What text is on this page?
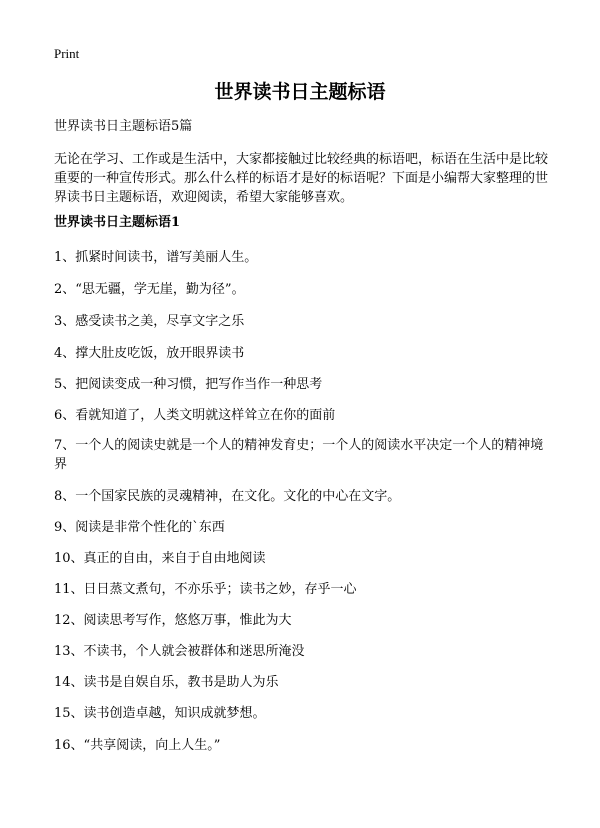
Print
世界读书日主题标语
世界读书日主题标语5篇

无论在学习、工作或是生活中，大家都接触过比较经典的标语吧，标语在生活中是比较重要的一种宣传形式。那么什么样的标语才是好的标语呢？下面是小编帮大家整理的世界读书日主题标语，欢迎阅读，希望大家能够喜欢。

世界读书日主题标语1

1、抓紧时间读书，谱写美丽人生。

2、“思无疆，学无崖，勤为径”。

3、感受读书之美，尽享文字之乐

4、撑大肚皮吃饭，放开眼界读书

5、把阅读变成一种习惯，把写作当作一种思考

6、看就知道了，人类文明就这样耸立在你的面前

7、一个人的阅读史就是一个人的精神发育史；一个人的阅读水平决定一个人的精神境界

8、一个国家民族的灵魂精神，在文化。文化的中心在文字。

9、阅读是非常个性化的`东西

10、真正的自由，来自于自由地阅读

11、日日蒸文煮句，不亦乐乎；读书之妙，存乎一心

12、阅读思考写作，悠悠万事，惟此为大

13、不读书，个人就会被群体和迷思所淹没

14、读书是自娱自乐，教书是助人为乐

15、读书创造卓越，知识成就梦想。

16、“共享阅读，向上人生。”
